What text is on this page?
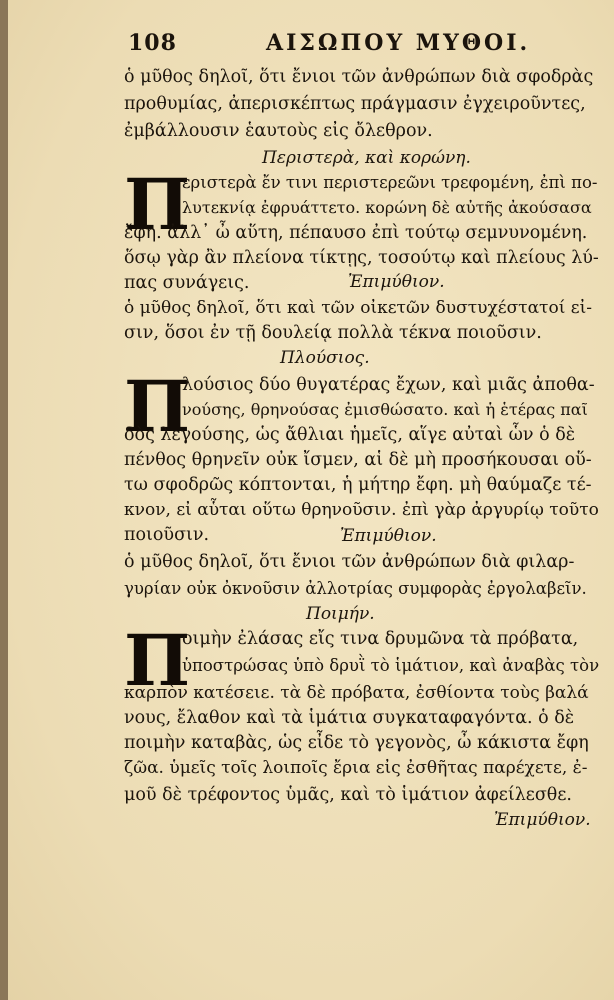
108	ΑΙΣΩΠΟΥ ΜΥΘΟΙ.
ὁ μῦθος δηλοῖ, ὅτι ἔνιοι τῶν ἀνθρώπων διὰ σφοδρὰς
προθυμίας, ἀπερισκέπτως πράγμασιν ἐγχειροῦντες,
ἐμβάλλουσιν ἑαυτοὺς εἰς ὄλεθρον.
Περιστερὰ, καὶ κορώνη.
Π
εριστερὰ ἔν τινι περιστερεῶνι τρεφομένη, ἐπὶ πο-
λυτεκνίᾳ ἐφρυάττετο. κορώνη δὲ αὐτῆς ἀκούσασα
ἔφη. ἀλλ᾽ ὦ αὕτη, πέπαυσο ἐπὶ τούτῳ σεμνυνομένη.
ὅσῳ γὰρ ἂν πλείονα τίκτῃς, τοσούτῳ καὶ πλείους λύ-
πας συνάγεις.	Ἐπιμύθιον.
ὁ μῦθος δηλοῖ, ὅτι καὶ τῶν οἰκετῶν δυστυχέστατοί εἰ-
σιν, ὅσοι ἐν τῇ δουλείᾳ πολλὰ τέκνα ποιοῦσιν.
Πλούσιος.
Π
λούσιος δύο θυγατέρας ἔχων, καὶ μιᾶς ἀποθα-
νούσης, θρηνούσας ἐμισθώσατο. καὶ ἡ ἑτέρας παῖ
δὸς λεγούσης, ὡς ἄθλιαι ἡμεῖς, αἵγε αὐταὶ ὧν ὁ δὲ
πένθος θρηνεῖν οὐκ ἴσμεν, αἱ δὲ μὴ προσήκουσαι οὕ-
τω σφοδρῶς κόπτονται, ἡ μήτηρ ἔφη. μὴ θαύμαζε τέ-
κνον, εἰ αὗται οὕτω θρηνοῦσιν. ἐπὶ γὰρ ἀργυρίῳ τοῦτο
ποιοῦσιν.	Ἐπιμύθιον.
ὁ μῦθος δηλοῖ, ὅτι ἔνιοι τῶν ἀνθρώπων διὰ φιλαρ-
γυρίαν οὐκ ὀκνοῦσιν ἀλλοτρίας συμφορὰς ἐργολαβεῖν.
Ποιμήν.
Π
οιμὴν ἐλάσας εἴς τινα δρυμῶνα τὰ πρόβατα,
ὑποστρώσας ὑπὸ δρυῒ τὸ ἱμάτιον, καὶ ἀναβὰς τὸν
καρπὸν κατέσειε. τὰ δὲ πρόβατα, ἐσθίοντα τοὺς βαλά
νους, ἔλαθον καὶ τὰ ἱμάτια συγκαταφαγόντα. ὁ δὲ
ποιμὴν καταβὰς, ὡς εἶδε τὸ γεγονὸς, ὦ κάκιστα ἔφη
ζῶα. ὑμεῖς τοῖς λοιποῖς ἔρια εἰς ἐσθῆτας παρέχετε, ἐ-
μοῦ δὲ τρέφοντος ὑμᾶς, καὶ τὸ ἱμάτιον ἀφείλεσθε.
Ἐπιμύθιον.
